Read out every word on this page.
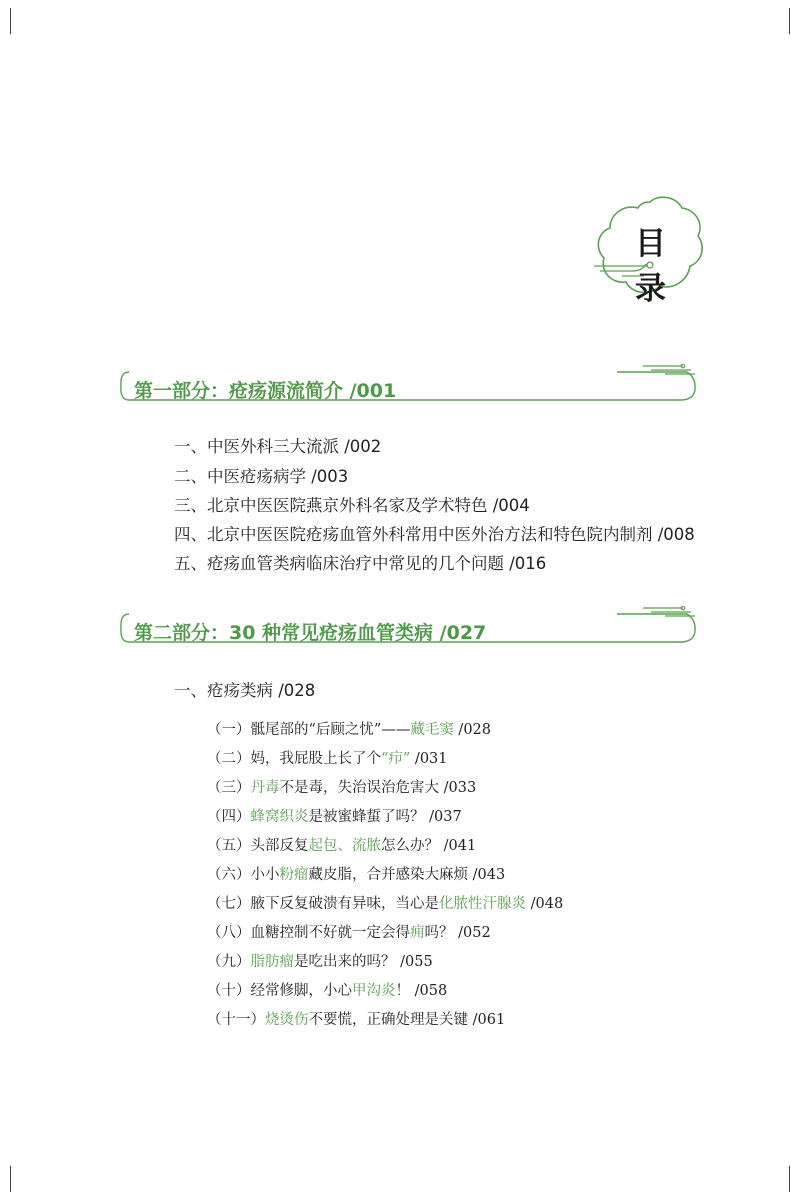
目录
第一部分：疮疡源流简介 /001
一、中医外科三大流派 /002
二、中医疮疡病学 /003
三、北京中医医院燕京外科名家及学术特色 /004
四、北京中医医院疮疡血管外科常用中医外治方法和特色院内制剂 /008
五、疮疡血管类病临床治疗中常见的几个问题 /016
第二部分：30 种常见疮疡血管类病 /027
一、疮疡类病 /028
（一）骶尾部的“后顾之忧”——藏毛窦 /028
（二）妈，我屁股上长了个“疖” /031
（三）丹毒不是毒，失治误治危害大 /033
（四）蜂窝织炎是被蜜蜂蜇了吗？ /037
（五）头部反复起包、流脓怎么办？ /041
（六）小小粉瘤藏皮脂，合并感染大麻烦 /043
（七）腋下反复破溃有异味，当心是化脓性汗腺炎 /048
（八）血糖控制不好就一定会得痈吗？ /052
（九）脂肪瘤是吃出来的吗？ /055
（十）经常修脚，小心甲沟炎！ /058
（十一）烧烫伤不要慌，正确处理是关键 /061
